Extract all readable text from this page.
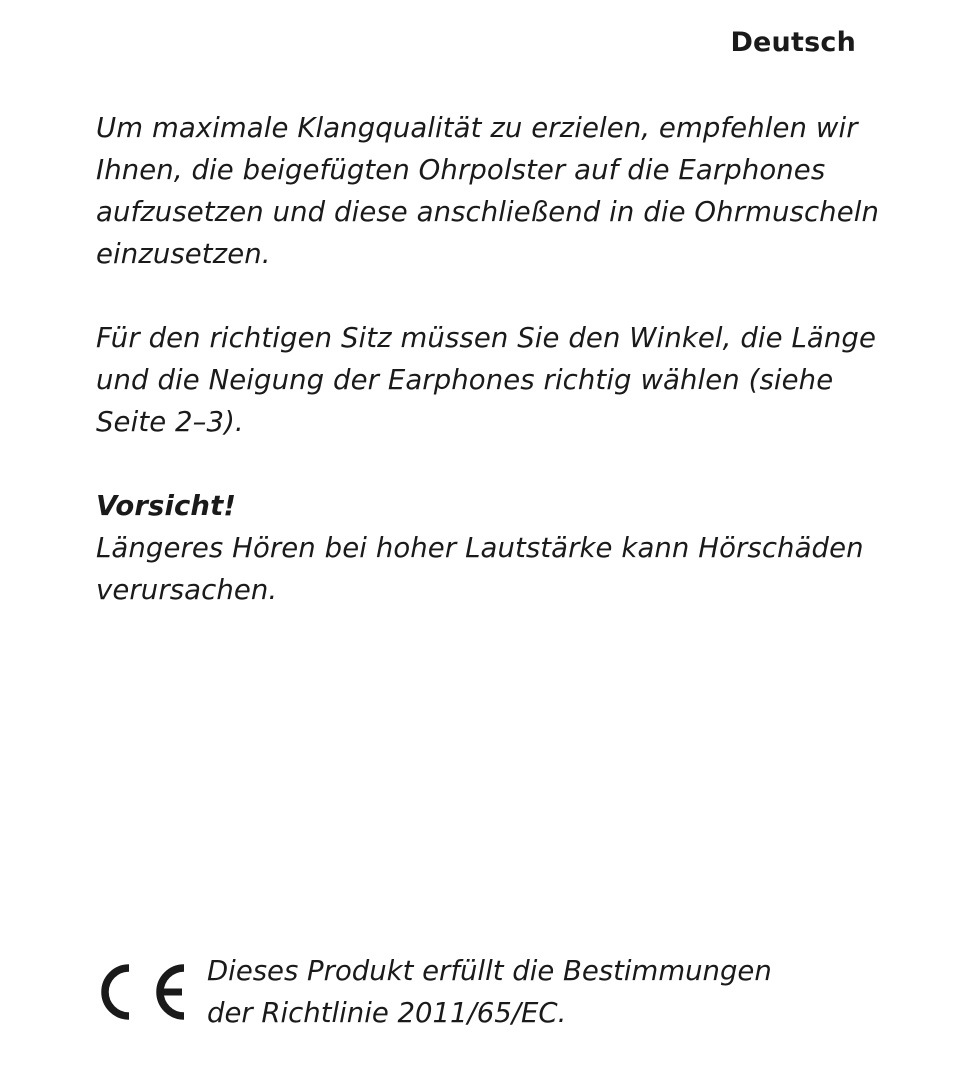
Deutsch

Um maximale Klangqualität zu erzielen, empfehlen wir
Ihnen, die beigefügten Ohrpolster auf die Earphones
aufzusetzen und diese anschließend in die Ohrmuscheln
einzusetzen.

Für den richtigen Sitz müssen Sie den Winkel, die Länge
und die Neigung der Earphones richtig wählen (siehe
Seite 2–3).

Vorsicht!
Längeres Hören bei hoher Lautstärke kann Hörschäden
verursachen.

Dieses Produkt erfüllt die Bestimmungen
der Richtlinie 2011/65/EC.
